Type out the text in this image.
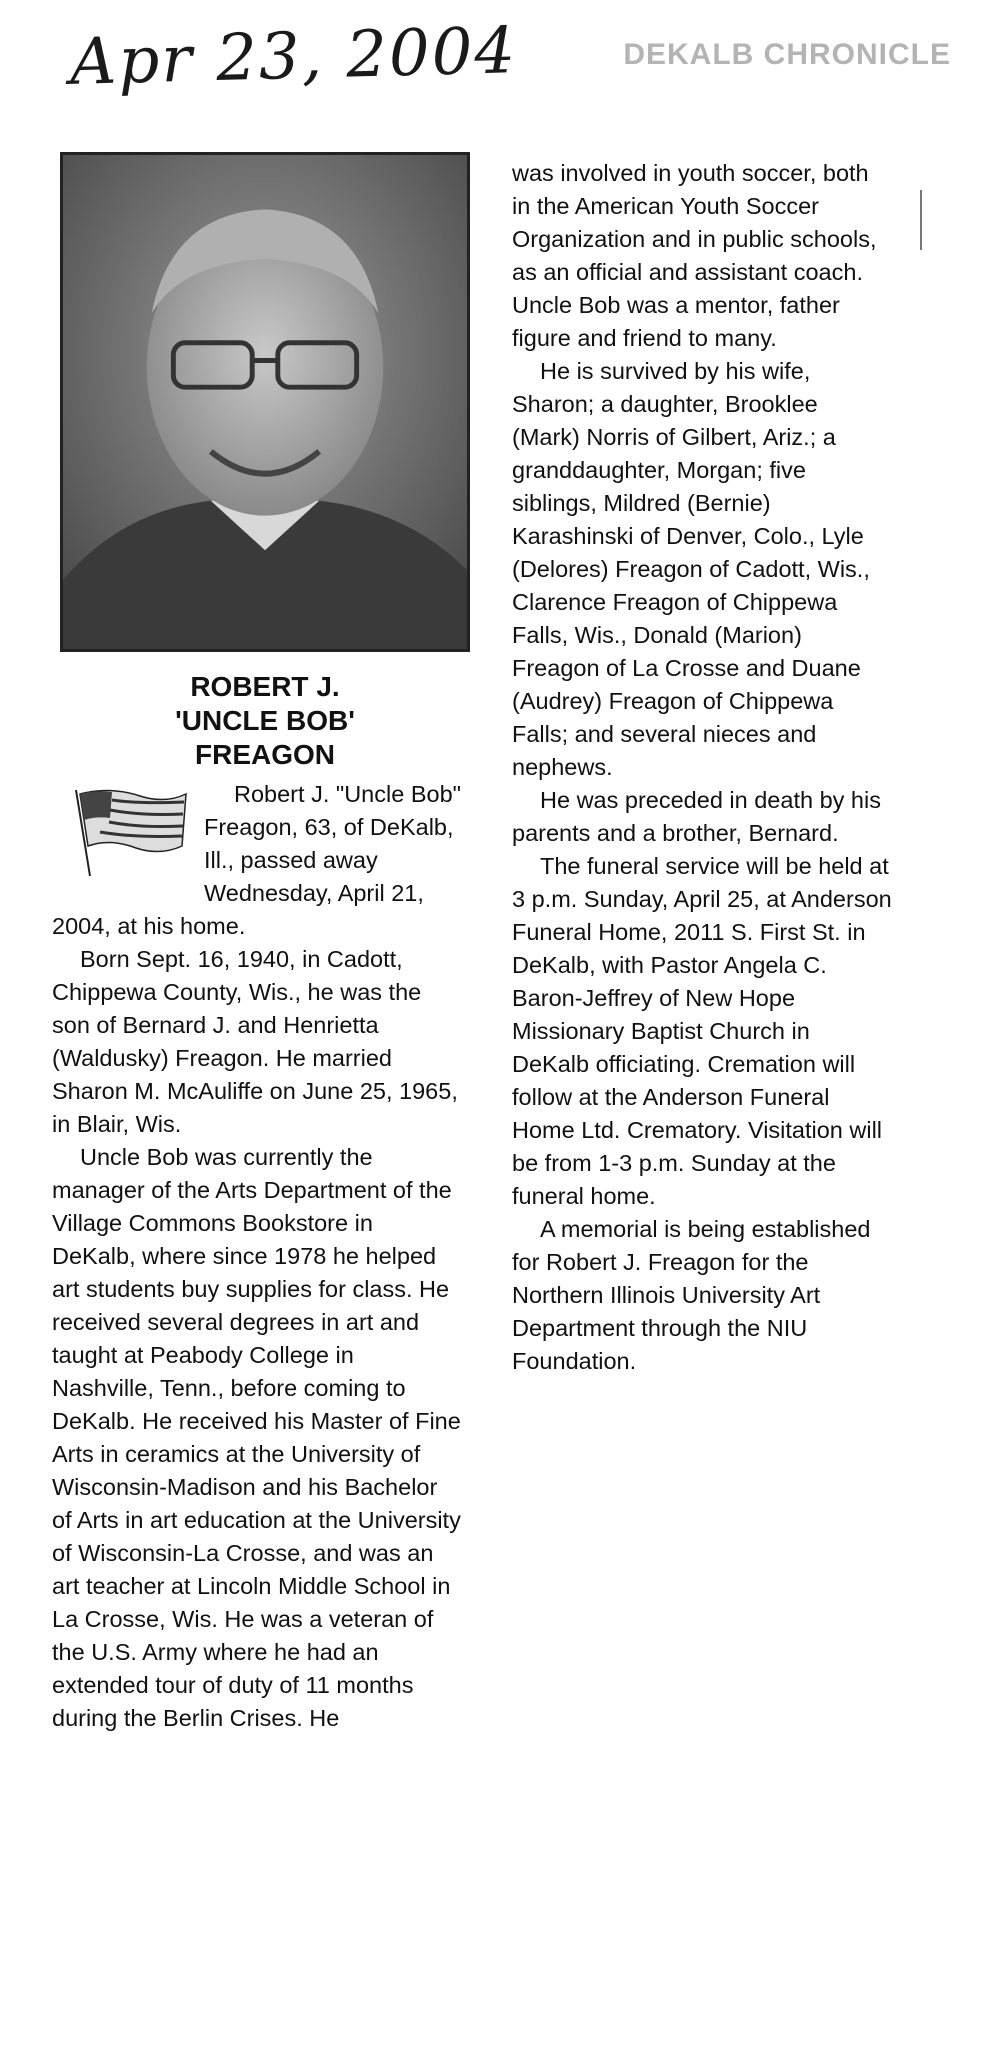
Apr 23, 2004	DEKALB CHRONICLE
ROBERT J.
'UNCLE BOB'
FREAGON

Robert J. "Uncle Bob" Freagon, 63, of DeKalb, Ill., passed away Wednesday, April 21, 2004, at his home.

Born Sept. 16, 1940, in Cadott, Chippewa County, Wis., he was the son of Bernard J. and Henrietta (Waldusky) Freagon. He married Sharon M. McAuliffe on June 25, 1965, in Blair, Wis.

Uncle Bob was currently the manager of the Arts Department of the Village Commons Bookstore in DeKalb, where since 1978 he helped art students buy supplies for class. He received several degrees in art and taught at Peabody College in Nashville, Tenn., before coming to DeKalb. He received his Master of Fine Arts in ceramics at the University of Wisconsin-Madison and his Bachelor of Arts in art education at the University of Wisconsin-La Crosse, and was an art teacher at Lincoln Middle School in La Crosse, Wis. He was a veteran of the U.S. Army where he had an extended tour of duty of 11 months during the Berlin Crises. He

was involved in youth soccer, both in the American Youth Soccer Organization and in public schools, as an official and assistant coach. Uncle Bob was a mentor, father figure and friend to many.

He is survived by his wife, Sharon; a daughter, Brooklee (Mark) Norris of Gilbert, Ariz.; a granddaughter, Morgan; five siblings, Mildred (Bernie) Karashinski of Denver, Colo., Lyle (Delores) Freagon of Cadott, Wis., Clarence Freagon of Chippewa Falls, Wis., Donald (Marion) Freagon of La Crosse and Duane (Audrey) Freagon of Chippewa Falls; and several nieces and nephews.

He was preceded in death by his parents and a brother, Bernard.

The funeral service will be held at 3 p.m. Sunday, April 25, at Anderson Funeral Home, 2011 S. First St. in DeKalb, with Pastor Angela C. Baron-Jeffrey of New Hope Missionary Baptist Church in DeKalb officiating. Cremation will follow at the Anderson Funeral Home Ltd. Crematory. Visitation will be from 1-3 p.m. Sunday at the funeral home.

A memorial is being established for Robert J. Freagon for the Northern Illinois University Art Department through the NIU Foundation.
